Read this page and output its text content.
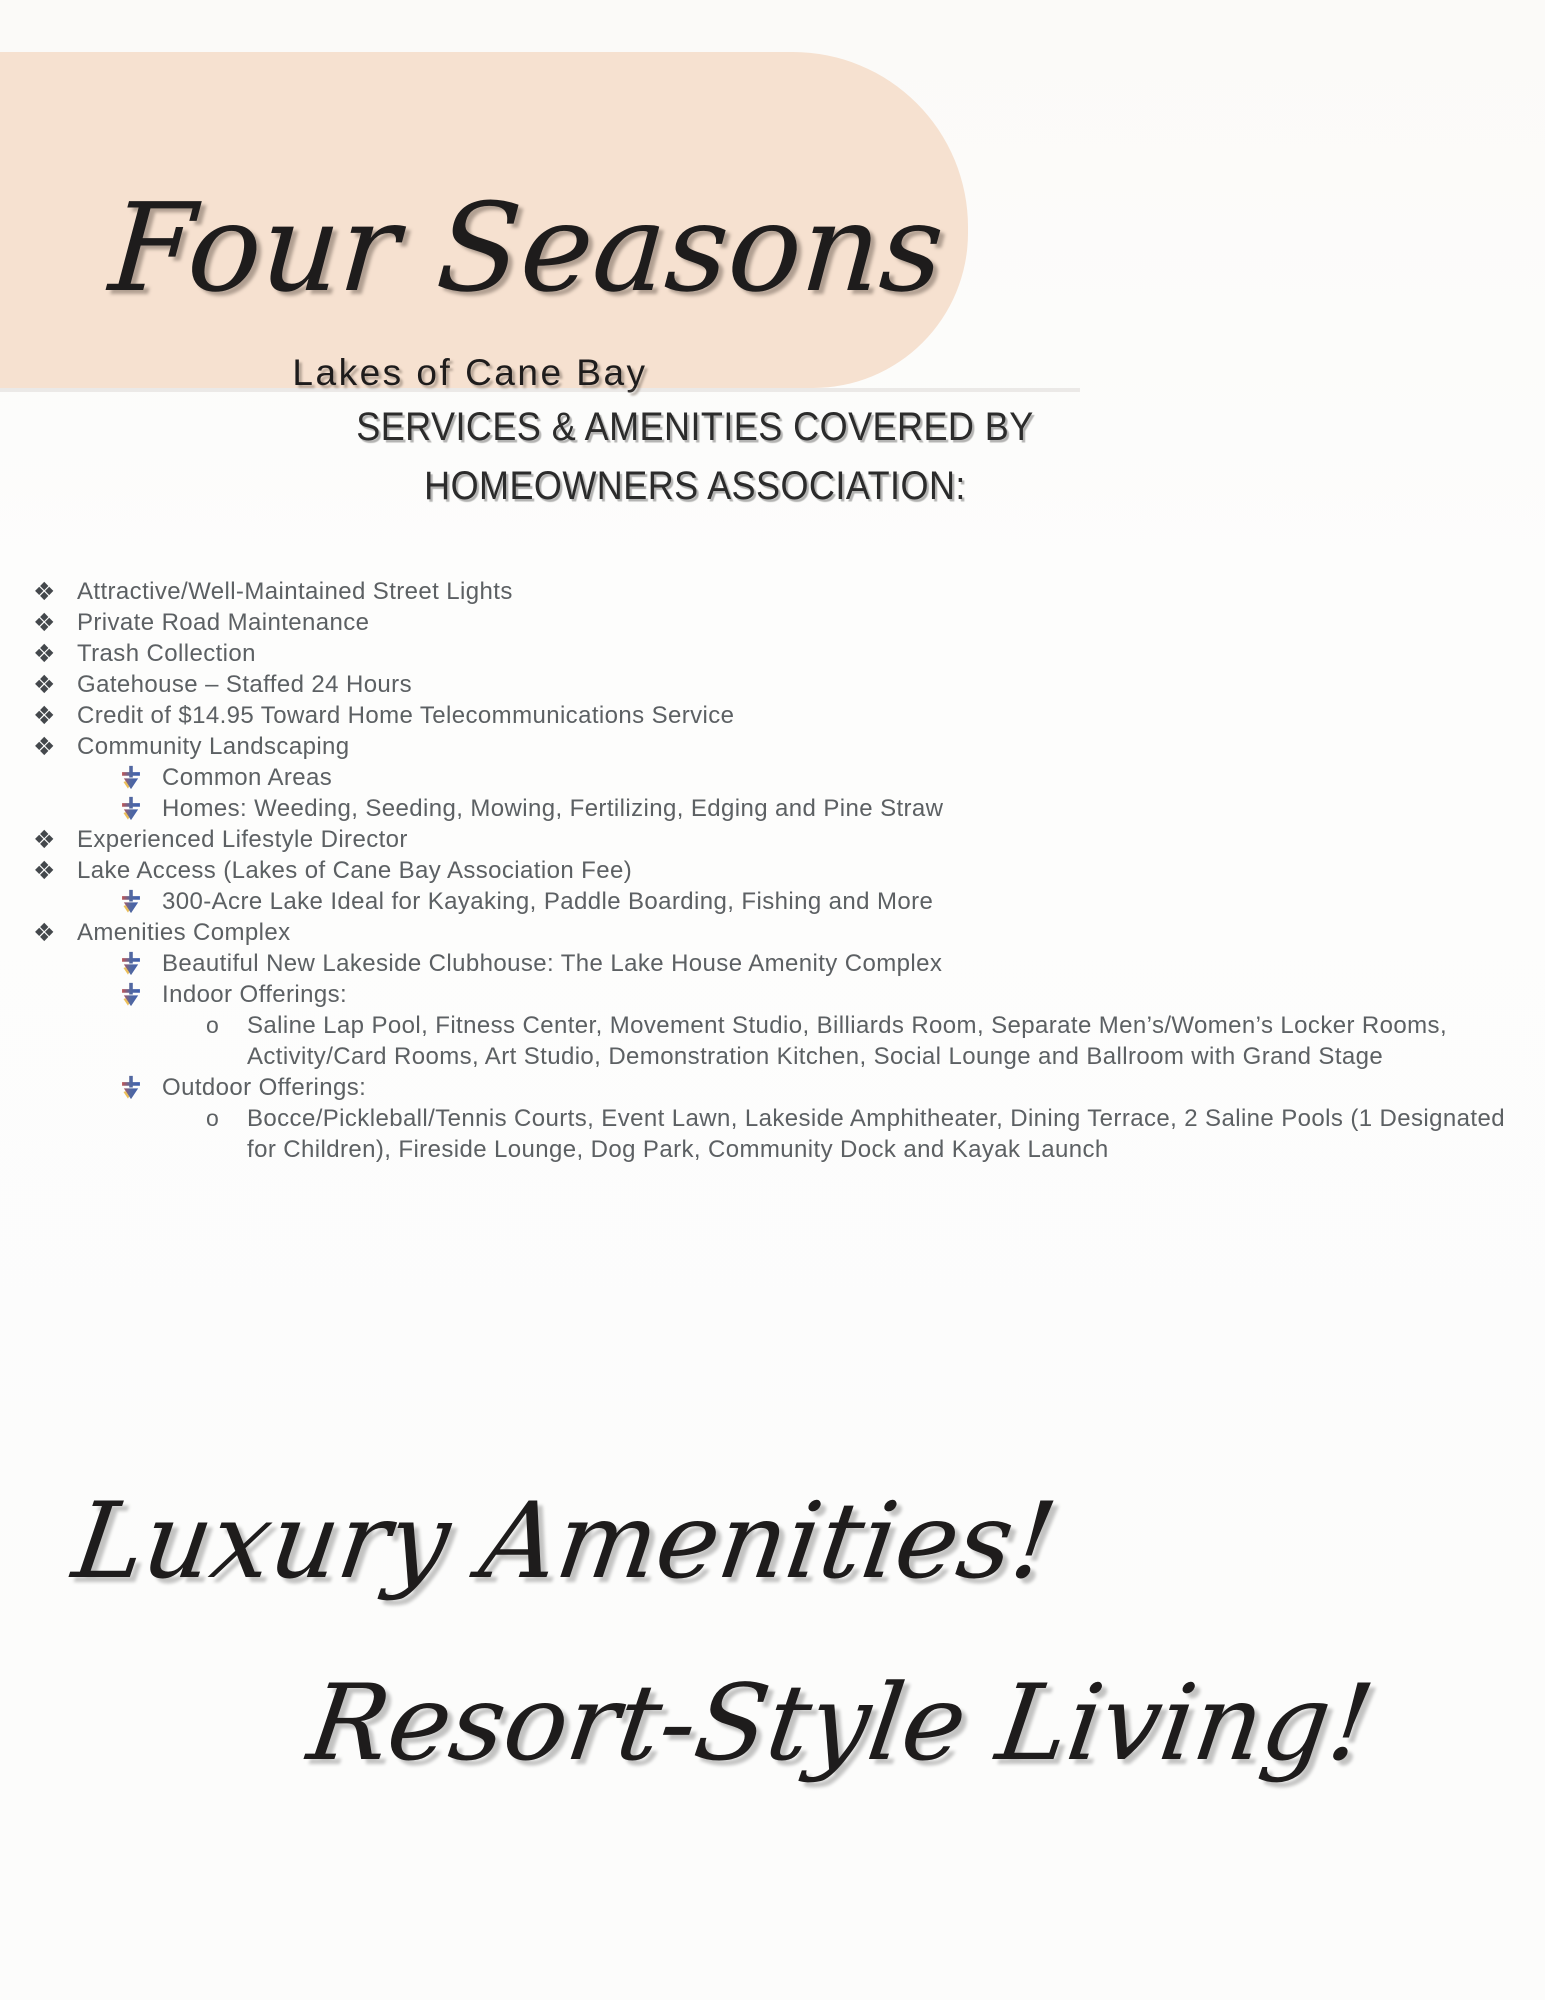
Four Seasons
Lakes of Cane Bay
SERVICES & AMENITIES COVERED BY
HOMEOWNERS ASSOCIATION:
❖ Attractive/Well-Maintained Street Lights
❖ Private Road Maintenance
❖ Trash Collection
❖ Gatehouse – Staffed 24 Hours
❖ Credit of $14.95 Toward Home Telecommunications Service
❖ Community Landscaping
Common Areas
Homes: Weeding, Seeding, Mowing, Fertilizing, Edging and Pine Straw
❖ Experienced Lifestyle Director
❖ Lake Access (Lakes of Cane Bay Association Fee)
300-Acre Lake Ideal for Kayaking, Paddle Boarding, Fishing and More
❖ Amenities Complex
Beautiful New Lakeside Clubhouse: The Lake House Amenity Complex
Indoor Offerings:
o Saline Lap Pool, Fitness Center, Movement Studio, Billiards Room, Separate Men’s/Women’s Locker Rooms, Activity/Card Rooms, Art Studio, Demonstration Kitchen, Social Lounge and Ballroom with Grand Stage
Outdoor Offerings:
o Bocce/Pickleball/Tennis Courts, Event Lawn, Lakeside Amphitheater, Dining Terrace, 2 Saline Pools (1 Designated for Children), Fireside Lounge, Dog Park, Community Dock and Kayak Launch
Luxury Amenities!
Resort-Style Living!
